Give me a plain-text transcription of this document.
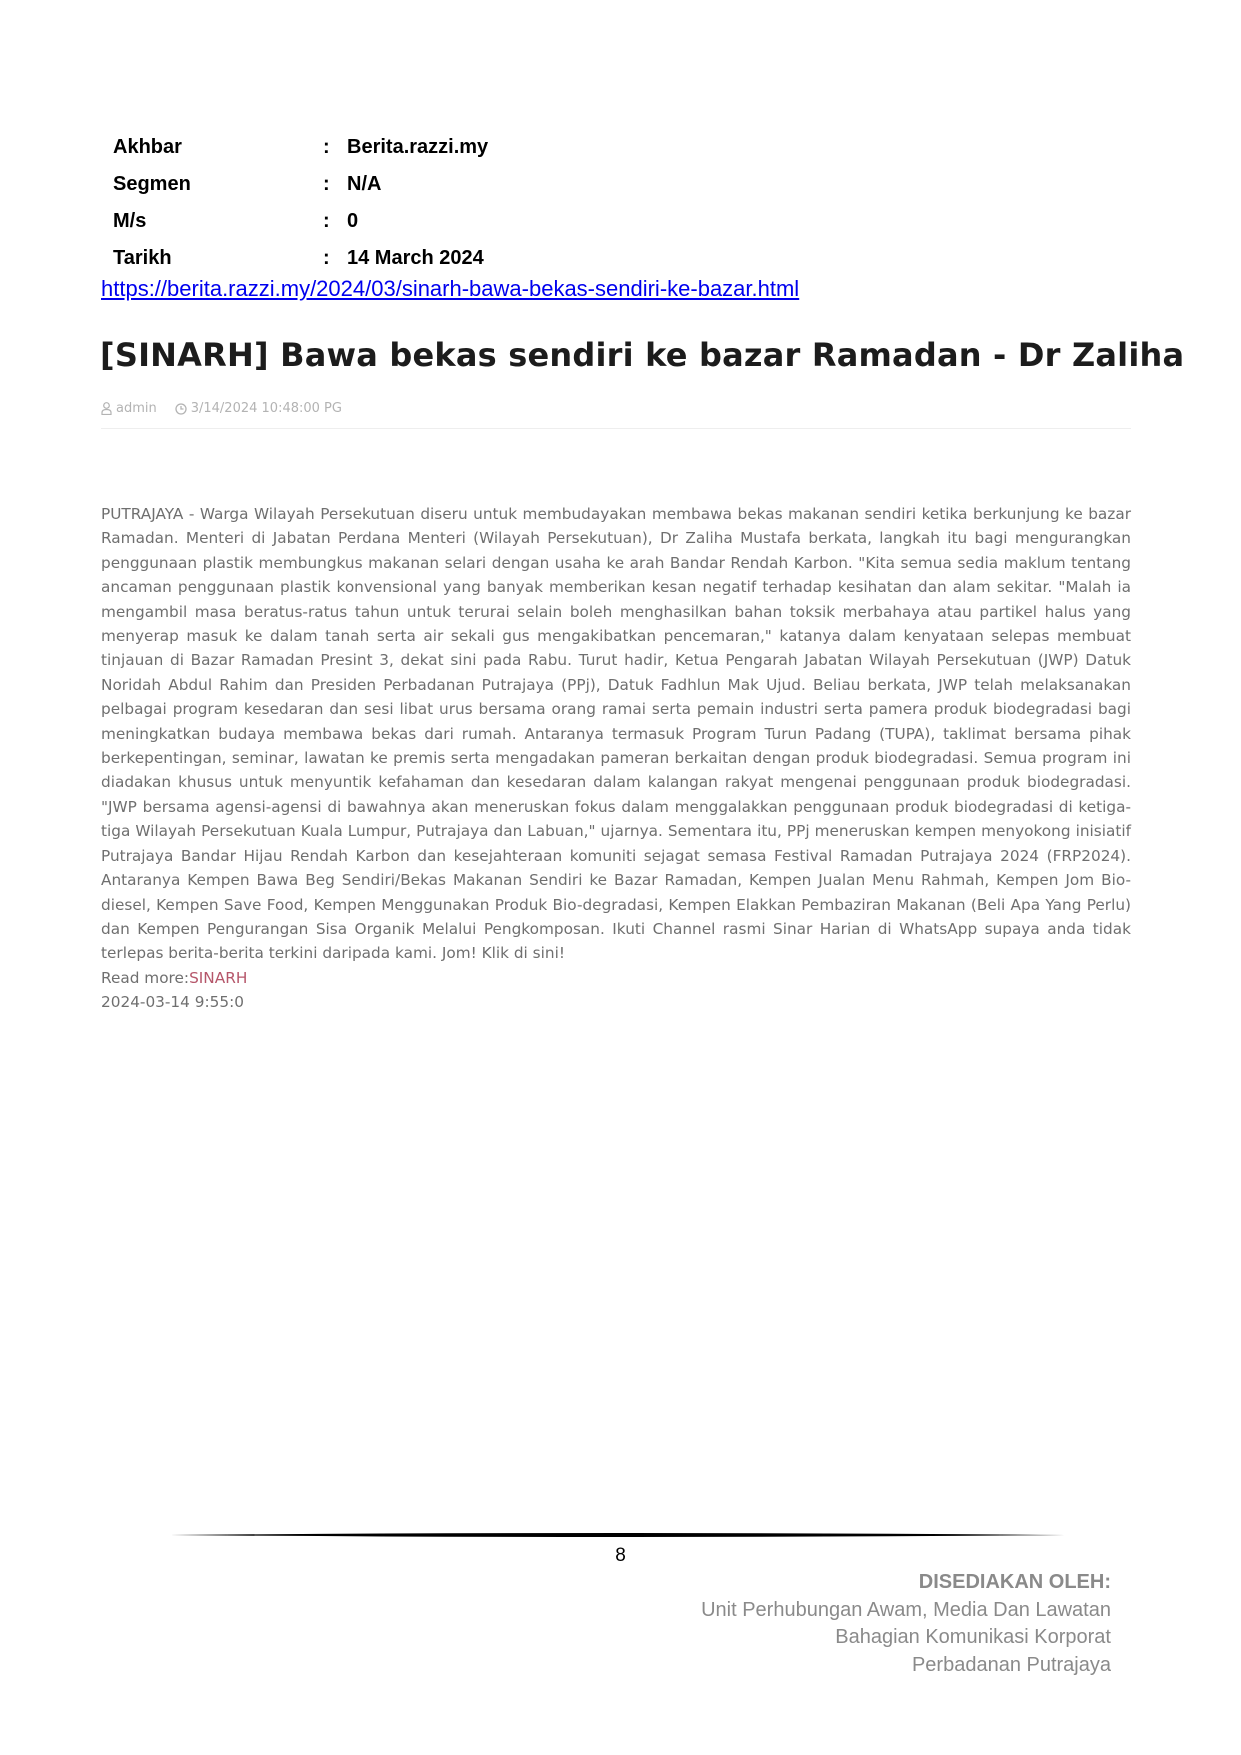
Akhbar	:	Berita.razzi.my
Segmen	:	N/A
M/s	:	0
Tarikh	:	14 March 2024
https://berita.razzi.my/2024/03/sinarh-bawa-bekas-sendiri-ke-bazar.html
[SINARH] Bawa bekas sendiri ke bazar Ramadan - Dr Zaliha
admin	3/14/2024 10:48:00 PG

PUTRAJAYA - Warga Wilayah Persekutuan diseru untuk membudayakan membawa bekas makanan sendiri ketika berkunjung ke bazar Ramadan. Menteri di Jabatan Perdana Menteri (Wilayah Persekutuan), Dr Zaliha Mustafa berkata, langkah itu bagi mengurangkan penggunaan plastik membungkus makanan selari dengan usaha ke arah Bandar Rendah Karbon. "Kita semua sedia maklum tentang ancaman penggunaan plastik konvensional yang banyak memberikan kesan negatif terhadap kesihatan dan alam sekitar. "Malah ia mengambil masa beratus-ratus tahun untuk terurai selain boleh menghasilkan bahan toksik merbahaya atau partikel halus yang menyerap masuk ke dalam tanah serta air sekali gus mengakibatkan pencemaran," katanya dalam kenyataan selepas membuat tinjauan di Bazar Ramadan Presint 3, dekat sini pada Rabu. Turut hadir, Ketua Pengarah Jabatan Wilayah Persekutuan (JWP) Datuk Noridah Abdul Rahim dan Presiden Perbadanan Putrajaya (PPj), Datuk Fadhlun Mak Ujud. Beliau berkata, JWP telah melaksanakan pelbagai program kesedaran dan sesi libat urus bersama orang ramai serta pemain industri serta pamera produk biodegradasi bagi meningkatkan budaya membawa bekas dari rumah. Antaranya termasuk Program Turun Padang (TUPA), taklimat bersama pihak berkepentingan, seminar, lawatan ke premis serta mengadakan pameran berkaitan dengan produk biodegradasi. Semua program ini diadakan khusus untuk menyuntik kefahaman dan kesedaran dalam kalangan rakyat mengenai penggunaan produk biodegradasi. "JWP bersama agensi-agensi di bawahnya akan meneruskan fokus dalam menggalakkan penggunaan produk biodegradasi di ketiga-tiga Wilayah Persekutuan Kuala Lumpur, Putrajaya dan Labuan," ujarnya. Sementara itu, PPj meneruskan kempen menyokong inisiatif Putrajaya Bandar Hijau Rendah Karbon dan kesejahteraan komuniti sejagat semasa Festival Ramadan Putrajaya 2024 (FRP2024). Antaranya Kempen Bawa Beg Sendiri/Bekas Makanan Sendiri ke Bazar Ramadan, Kempen Jualan Menu Rahmah, Kempen Jom Bio-diesel, Kempen Save Food, Kempen Menggunakan Produk Bio-degradasi, Kempen Elakkan Pembaziran Makanan (Beli Apa Yang Perlu) dan Kempen Pengurangan Sisa Organik Melalui Pengkomposan. Ikuti Channel rasmi Sinar Harian di WhatsApp supaya anda tidak terlepas berita-berita terkini daripada kami. Jom! Klik di sini!

Read more:SINARH
2024-03-14 9:55:0
8
DISEDIAKAN OLEH:
Unit Perhubungan Awam, Media Dan Lawatan
Bahagian Komunikasi Korporat
Perbadanan Putrajaya
